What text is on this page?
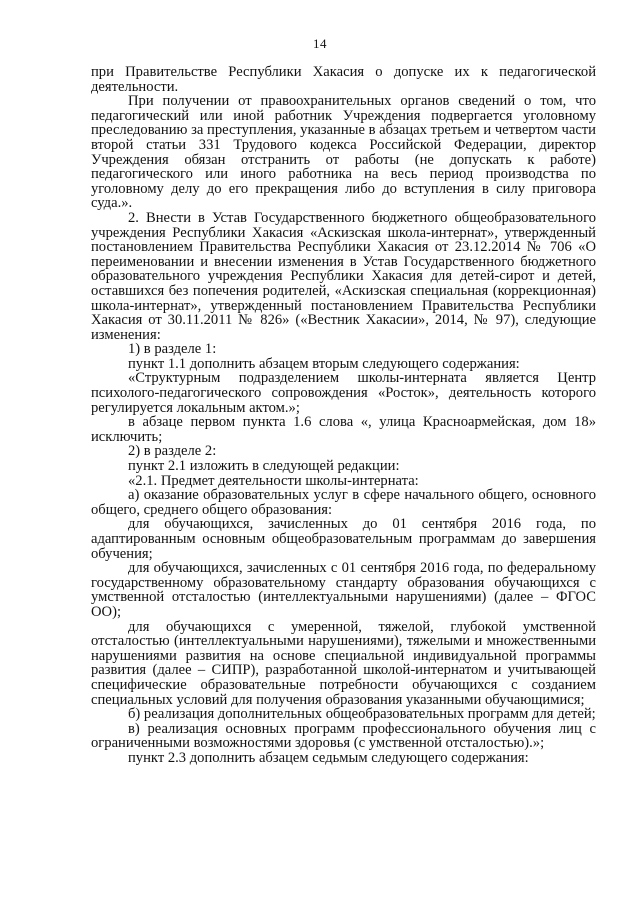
14

при Правительстве Республики Хакасия о допуске их к педагогической деятельности.

При получении от правоохранительных органов сведений о том, что педагогический или иной работник Учреждения подвергается уголовному преследованию за преступления, указанные в абзацах третьем и четвертом части второй статьи 331 Трудового кодекса Российской Федерации, директор Учреждения обязан отстранить от работы (не допускать к работе) педагогического или иного работника на весь период производства по уголовному делу до его прекращения либо до вступления в силу приговора суда.».

2. Внести в Устав Государственного бюджетного общеобразовательного учреждения Республики Хакасия «Аскизская школа-интернат», утвержденный постановлением Правительства Республики Хакасия от 23.12.2014 № 706 «О переименовании и внесении изменения в Устав Государственного бюджетного образовательного учреждения Республики Хакасия для детей-сирот и детей, оставшихся без попечения родителей, «Аскизская специальная (коррекционная) школа-интернат», утвержденный постановлением Правительства Республики Хакасия от 30.11.2011 № 826» («Вестник Хакасии», 2014, № 97), следующие изменения:

1) в разделе 1:

пункт 1.1 дополнить абзацем вторым следующего содержания:

«Структурным подразделением школы-интерната является Центр психолого-педагогического сопровождения «Росток», деятельность которого регулируется локальным актом.»;

в абзаце первом пункта 1.6 слова «, улица Красноармейская, дом 18» исключить;

2) в разделе 2:

пункт 2.1 изложить в следующей редакции:

«2.1. Предмет деятельности школы-интерната:

а) оказание образовательных услуг в сфере начального общего, основного общего, среднего общего образования:

для обучающихся, зачисленных до 01 сентября 2016 года, по адаптированным основным общеобразовательным программам до завершения обучения;

для обучающихся, зачисленных с 01 сентября 2016 года, по федеральному государственному образовательному стандарту образования обучающихся с умственной отсталостью (интеллектуальными нарушениями) (далее – ФГОС ОО);

для обучающихся с умеренной, тяжелой, глубокой умственной отсталостью (интеллектуальными нарушениями), тяжелыми и множественными нарушениями развития на основе специальной индивидуальной программы развития (далее – СИПР), разработанной школой-интернатом и учитывающей специфические образовательные потребности обучающихся с созданием специальных условий для получения образования указанными обучающимися;

б) реализация дополнительных общеобразовательных программ для детей;

в) реализация основных программ профессионального обучения лиц с ограниченными возможностями здоровья (с умственной отсталостью).»;

пункт 2.3 дополнить абзацем седьмым следующего содержания:
